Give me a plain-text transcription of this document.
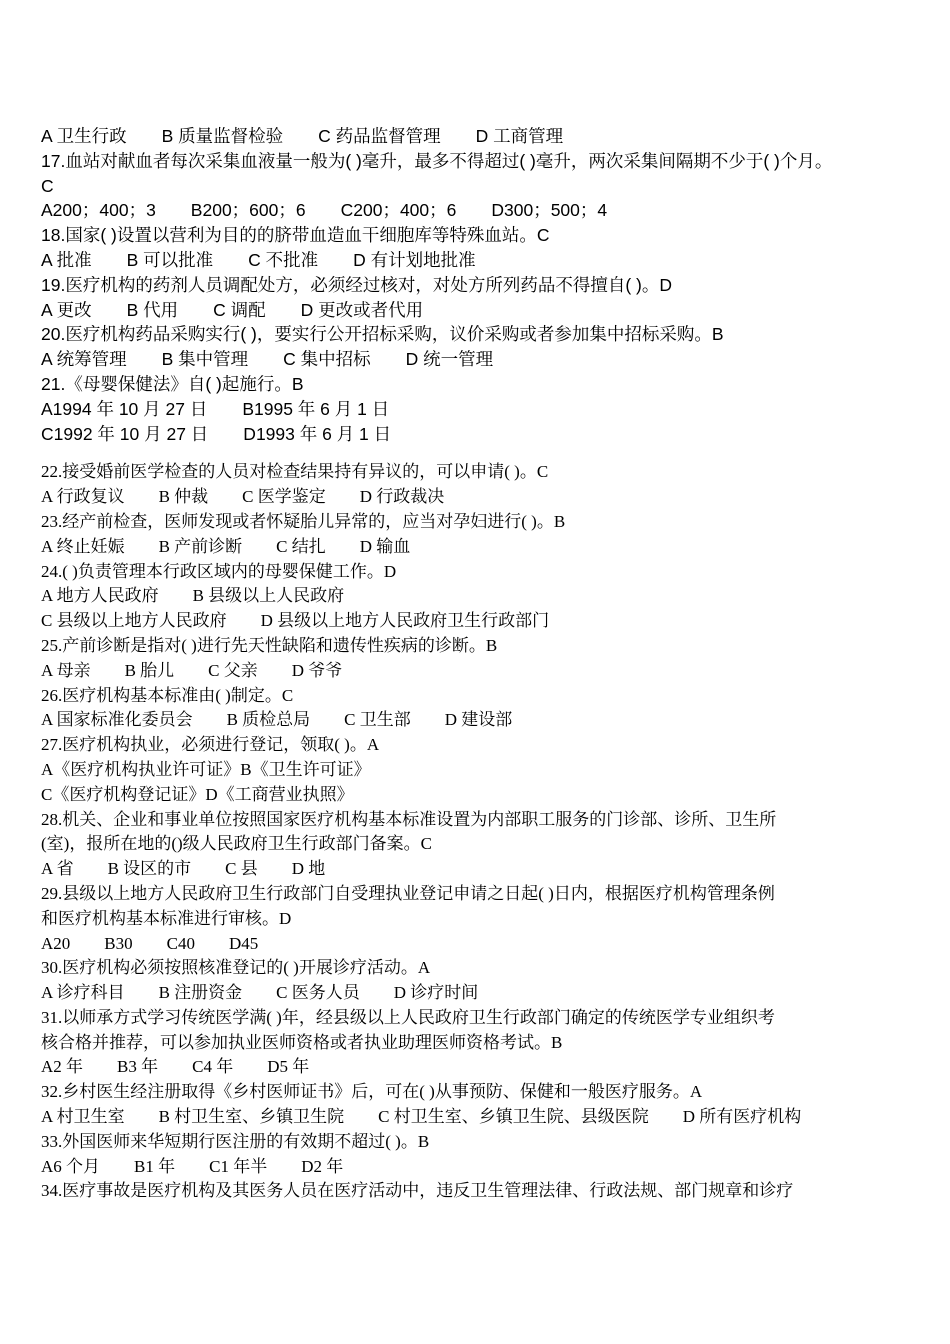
A 卫生行政  B 质量监督检验  C 药品监督管理  D 工商管理
17.血站对献血者每次采集血液量一般为( )毫升，最多不得超过( )毫升，两次采集间隔期不少于( )个月。
C
A200；400；3  B200；600；6  C200；400；6  D300；500；4
18.国家( )设置以营利为目的的脐带血造血干细胞库等特殊血站。C
A 批准  B 可以批准  C 不批准  D 有计划地批准
19.医疗机构的药剂人员调配处方，必须经过核对，对处方所列药品不得擅自( )。D
A 更改  B 代用  C 调配  D 更改或者代用
20.医疗机构药品采购实行( )，要实行公开招标采购，议价采购或者参加集中招标采购。B
A 统筹管理  B 集中管理  C 集中招标  D 统一管理
21.《母婴保健法》自( )起施行。B
A1994 年 10 月 27 日  B1995 年 6 月 1 日
C1992 年 10 月 27 日  D1993 年 6 月 1 日
22.接受婚前医学检查的人员对检查结果持有异议的，可以申请( )。C
A 行政复议  B 仲裁  C 医学鉴定  D 行政裁决
23.经产前检查，医师发现或者怀疑胎儿异常的，应当对孕妇进行( )。B
A 终止妊娠  B 产前诊断  C 结扎  D 输血
24.( )负责管理本行政区域内的母婴保健工作。D
A 地方人民政府  B 县级以上人民政府
C 县级以上地方人民政府  D 县级以上地方人民政府卫生行政部门
25.产前诊断是指对( )进行先天性缺陷和遗传性疾病的诊断。B
A 母亲  B 胎儿  C 父亲  D 爷爷
26.医疗机构基本标准由( )制定。C
A 国家标准化委员会  B 质检总局  C 卫生部  D 建设部
27.医疗机构执业，必须进行登记，领取( )。A
A《医疗机构执业许可证》B《卫生许可证》
C《医疗机构登记证》D《工商营业执照》
28.机关、企业和事业单位按照国家医疗机构基本标准设置为内部职工服务的门诊部、诊所、卫生所
(室)，报所在地的()级人民政府卫生行政部门备案。C
A 省  B 设区的市  C 县  D 地
29.县级以上地方人民政府卫生行政部门自受理执业登记申请之日起( )日内，根据医疗机构管理条例
和医疗机构基本标准进行审核。D
A20  B30  C40  D45
30.医疗机构必须按照核准登记的( )开展诊疗活动。A
A 诊疗科目  B 注册资金  C 医务人员  D 诊疗时间
31.以师承方式学习传统医学满( )年，经县级以上人民政府卫生行政部门确定的传统医学专业组织考
核合格并推荐，可以参加执业医师资格或者执业助理医师资格考试。B
A2 年  B3 年  C4 年  D5 年
32.乡村医生经注册取得《乡村医师证书》后，可在( )从事预防、保健和一般医疗服务。A
A 村卫生室  B 村卫生室、乡镇卫生院  C 村卫生室、乡镇卫生院、县级医院  D 所有医疗机构
33.外国医师来华短期行医注册的有效期不超过( )。B
A6 个月  B1 年  C1 年半  D2 年
34.医疗事故是医疗机构及其医务人员在医疗活动中，违反卫生管理法律、行政法规、部门规章和诊疗
